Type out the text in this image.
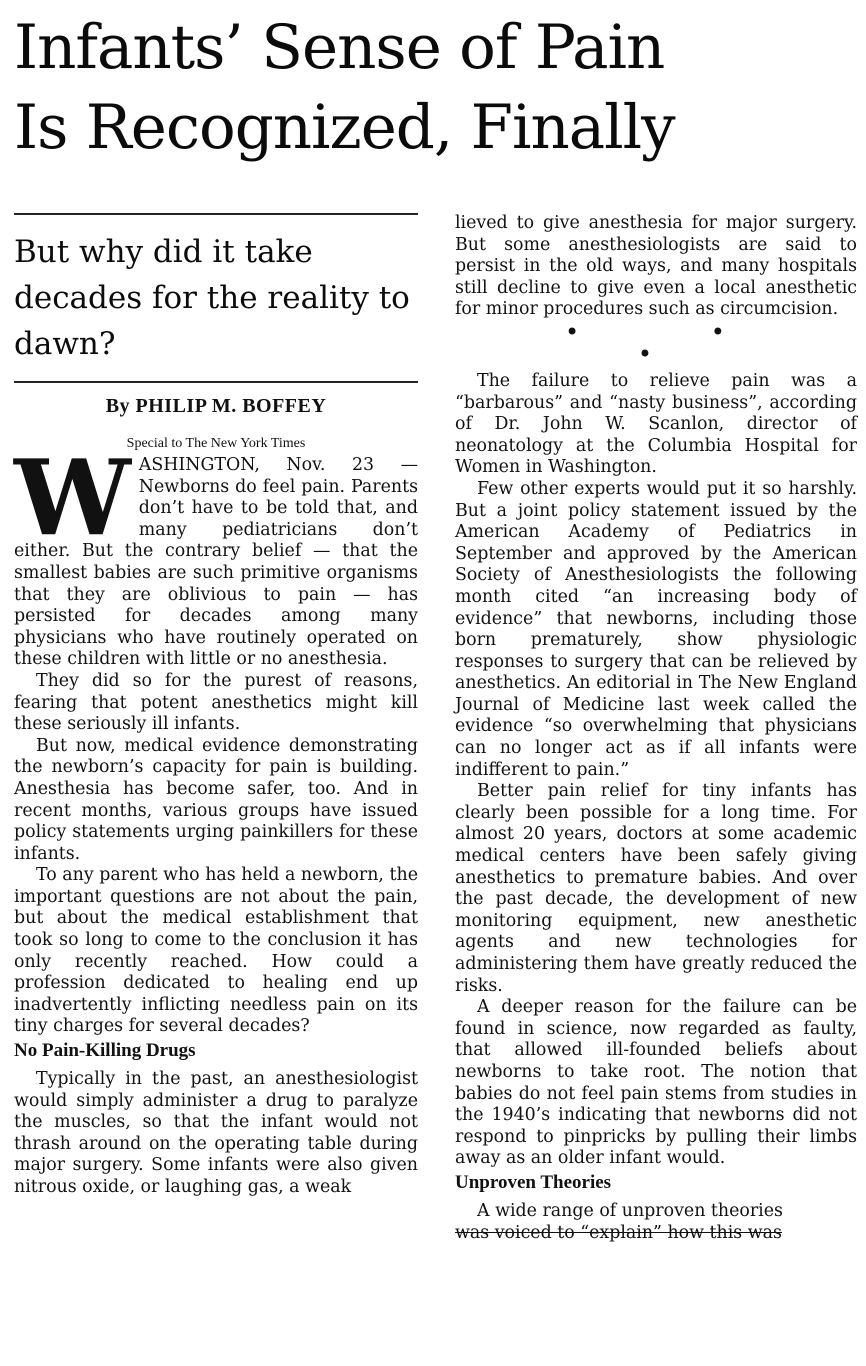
Infants’ Sense of Pain
Is Recognized, Finally
But why did it take decades for the reality to dawn?
By PHILIP M. BOFFEY
Special to The New York Times

WASHINGTON, Nov. 23 — Newborns do feel pain. Parents don’t have to be told that, and many pediatricians don’t either. But the contrary belief — that the smallest babies are such primitive organisms that they are oblivious to pain — has persisted for decades among many physicians who have routinely operated on these children with little or no anesthesia.

They did so for the purest of reasons, fearing that potent anesthetics might kill these seriously ill infants.

But now, medical evidence demonstrating the newborn’s capacity for pain is building. Anesthesia has become safer, too. And in recent months, various groups have issued policy statements urging painkillers for these infants.

To any parent who has held a newborn, the important questions are not about the pain, but about the medical establishment that took so long to come to the conclusion it has only recently reached. How could a profession dedicated to healing end up inadvertently inflicting needless pain on its tiny charges for several decades?

No Pain-Killing Drugs

Typically in the past, an anesthesiologist would simply administer a drug to paralyze the muscles, so that the infant would not thrash around on the operating table during major surgery. Some infants were also given nitrous oxide, or laughing gas, a weak

lieved to give anesthesia for major surgery. But some anesthesiologists are said to persist in the old ways, and many hospitals still decline to give even a local anesthetic for minor procedures such as circumcision.

• • •

The failure to relieve pain was a “barbarous” and “nasty business”, according of Dr. John W. Scanlon, director of neonatology at the Columbia Hospital for Women in Washington.

Few other experts would put it so harshly. But a joint policy statement issued by the American Academy of Pediatrics in September and approved by the American Society of Anesthesiologists the following month cited “an increasing body of evidence” that newborns, including those born prematurely, show physiologic responses to surgery that can be relieved by anesthetics. An editorial in The New England Journal of Medicine last week called the evidence “so overwhelming that physicians can no longer act as if all infants were indifferent to pain.”

Better pain relief for tiny infants has clearly been possible for a long time. For almost 20 years, doctors at some academic medical centers have been safely giving anesthetics to premature babies. And over the past decade, the development of new monitoring equipment, new anesthetic agents and new technologies for administering them have greatly reduced the risks.

A deeper reason for the failure can be found in science, now regarded as faulty, that allowed ill-founded beliefs about newborns to take root. The notion that babies do not feel pain stems from studies in the 1940’s indicating that newborns did not respond to pinpricks by pulling their limbs away as an older infant would.

Unproven Theories

A wide range of unproven theories

was voiced to “explain” how this was
